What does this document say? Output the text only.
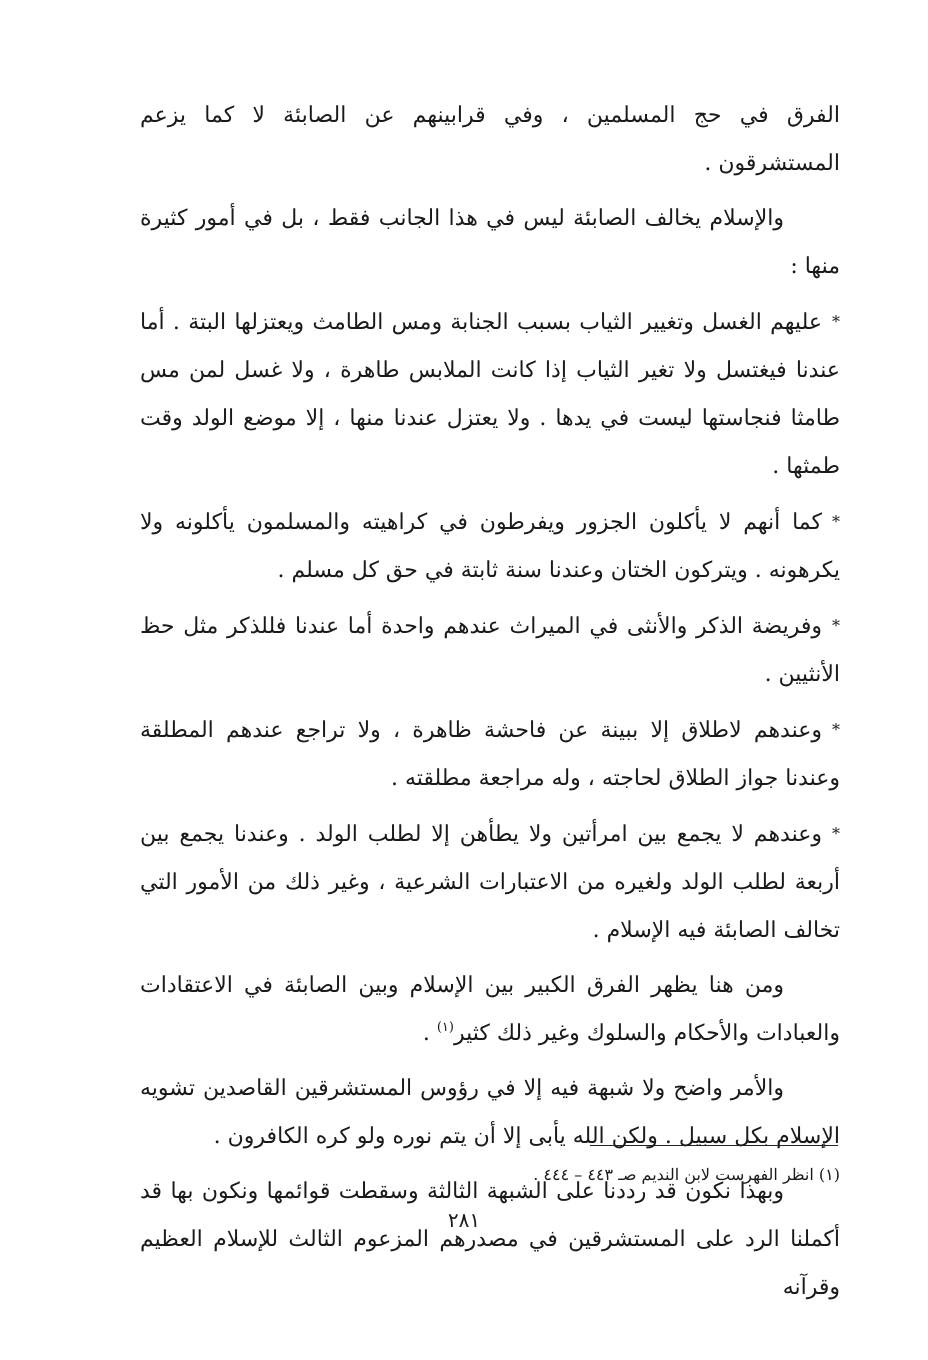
الفرق في حج المسلمين ، وفي قرابينهم عن الصابئة لا كما يزعم المستشرقون .

والإسلام يخالف الصابئة ليس في هذا الجانب فقط ، بل في أمور كثيرة منها :

*عليهم الغسل وتغيير الثياب بسبب الجنابة ومس الطامث ويعتزلها البتة . أما عندنا فيغتسل ولا تغير الثياب إذا كانت الملابس طاهرة ، ولا غسل لمن مس طامثا فنجاستها ليست في يدها . ولا يعتزل عندنا منها ، إلا موضع الولد وقت طمثها .

*كما أنهم لا يأكلون الجزور ويفرطون في كراهيته والمسلمون يأكلونه ولا يكرهونه . ويتركون الختان وعندنا سنة ثابتة في حق كل مسلم .

*وفريضة الذكر والأنثى في الميراث عندهم واحدة أما عندنا فللذكر مثل حظ الأنثيين .

*وعندهم لاطلاق إلا ببينة عن فاحشة ظاهرة ، ولا تراجع عندهم المطلقة وعندنا جواز الطلاق لحاجته ، وله مراجعة مطلقته .

*وعندهم لا يجمع بين امرأتين ولا يطأهن إلا لطلب الولد . وعندنا يجمع بين أربعة لطلب الولد ولغيره من الاعتبارات الشرعية ، وغير ذلك من الأمور التي تخالف الصابئة فيه الإسلام .

ومن هنا يظهر الفرق الكبير بين الإسلام وبين الصابئة في الاعتقادات والعبادات والأحكام والسلوك وغير ذلك كثير$^{(١)}$ .

والأمر واضح ولا شبهة فيه إلا في رؤوس المستشرقين القاصدين تشويه الإسلام بكل سبيل . ولكن الله يأبى إلا أن يتم نوره ولو كره الكافرون .

وبهذا نكون قد رددنا على الشبهة الثالثة وسقطت قوائمها ونكون بها قد أكملنا الرد على المستشرقين في مصدرهم المزعوم الثالث للإسلام العظيم وقرآنه

(١) انظر الفهرست لابن النديم صـ ٤٤٣ – ٤٤٤ .
٢٨١
